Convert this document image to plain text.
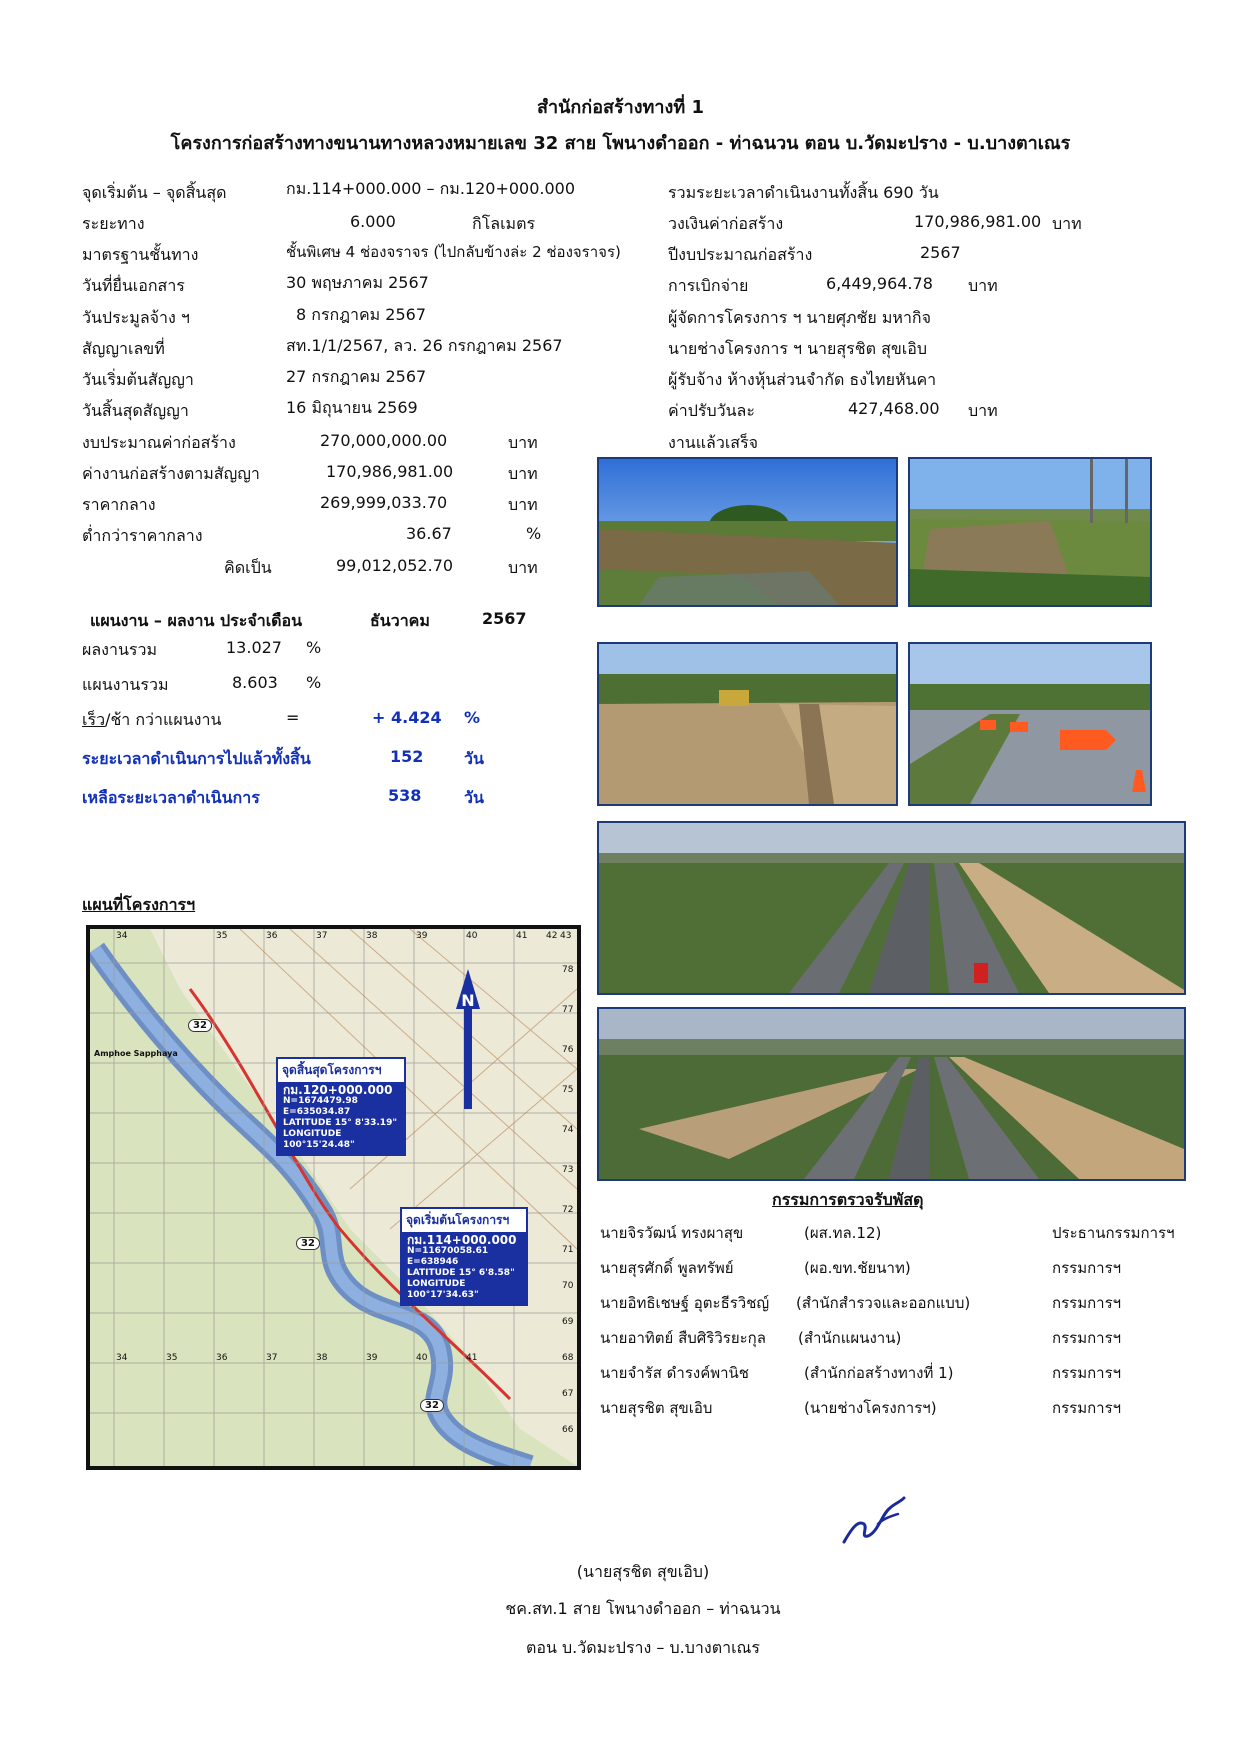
สำนักก่อสร้างทางที่ 1
โครงการก่อสร้างทางขนานทางหลวงหมายเลข 32 สาย โพนางดำออก - ท่าฉนวน ตอน บ.วัดมะปราง - บ.บางตาเณร
จุดเริ่มต้น – จุดสิ้นสุด	กม.114+000.000 – กม.120+000.000
ระยะทาง	6.000	กิโลเมตร
มาตรฐานชั้นทาง	ชั้นพิเศษ 4 ช่องจราจร (ไปกลับข้างล่ะ 2 ช่องจราจร)
วันที่ยื่นเอกสาร	30 พฤษภาคม 2567
วันประมูลจ้าง ฯ	8 กรกฎาคม 2567
สัญญาเลขที่	สท.1/1/2567, ลว. 26 กรกฎาคม 2567
วันเริ่มต้นสัญญา	27 กรกฎาคม 2567
วันสิ้นสุดสัญญา	16 มิถุนายน 2569
งบประมาณค่าก่อสร้าง	270,000,000.00	บาท
ค่างานก่อสร้างตามสัญญา	170,986,981.00	บาท
ราคากลาง	269,999,033.70	บาท
ต่ำกว่าราคากลาง	36.67	%
คิดเป็น	99,012,052.70	บาท
รวมระยะเวลาดำเนินงานทั้งสิ้น 690 วัน
วงเงินค่าก่อสร้าง	170,986,981.00 บาท
ปีงบประมาณก่อสร้าง	2567
การเบิกจ่าย	6,449,964.78 บาท
ผู้จัดการโครงการ ฯ นายศุภชัย มหากิจ
นายช่างโครงการ ฯ นายสุรชิต สุขเอิบ
ผู้รับจ้าง ห้างหุ้นส่วนจำกัด ธงไทยหันคา
ค่าปรับวันละ	427,468.00 บาท
งานแล้วเสร็จ
แผนงาน – ผลงาน ประจำเดือน	ธันวาคม	2567
ผลงานรวม	13.027 %
แผนงานรวม	8.603 %
เร็ว/ช้า กว่าแผนงาน	=	+ 4.424 %
ระยะเวลาดำเนินการไปแล้วทั้งสิ้น	152	วัน
เหลือระยะเวลาดำเนินการ	538	วัน
แผนที่โครงการฯ
34	35	36	37	38	39	40	41 42 43
34	35	36	37	38	39	40	41
78
77
76
75
74
73
72
71
70
69
68
67
66
Amphoe Sapphaya
32
32
32
N
จุดสิ้นสุดโครงการฯ
กม.120+000.000
N=1674479.98
E=635034.87
LATITUDE 15° 8'33.19"
LONGITUDE 100°15'24.48"
จุดเริ่มต้นโครงการฯ
กม.114+000.000
N=11670058.61
E=638946
LATITUDE 15° 6'8.58"
LONGITUDE 100°17'34.63"
กรรมการตรวจรับพัสดุ
นายจิรวัฒน์ ทรงผาสุข	(ผส.ทล.12)	ประธานกรรมการฯ
นายสุรศักดิ์ พูลทรัพย์	(ผอ.ขท.ชัยนาท)	กรรมการฯ
นายอิทธิเชษฐ์ อุตะธีรวิชญ์ (สำนักสำรวจและออกแบบ)	กรรมการฯ
นายอาทิตย์ สืบศิริวิรยะกุล (สำนักแผนงาน)	กรรมการฯ
นายจำรัส ดำรงค์พานิช	(สำนักก่อสร้างทางที่ 1)	กรรมการฯ
นายสุรชิต สุขเอิบ	(นายช่างโครงการฯ)	กรรมการฯ
(นายสุรชิต สุขเอิบ)
ชค.สท.1 สาย โพนางดำออก – ท่าฉนวน
ตอน บ.วัดมะปราง – บ.บางตาเณร
